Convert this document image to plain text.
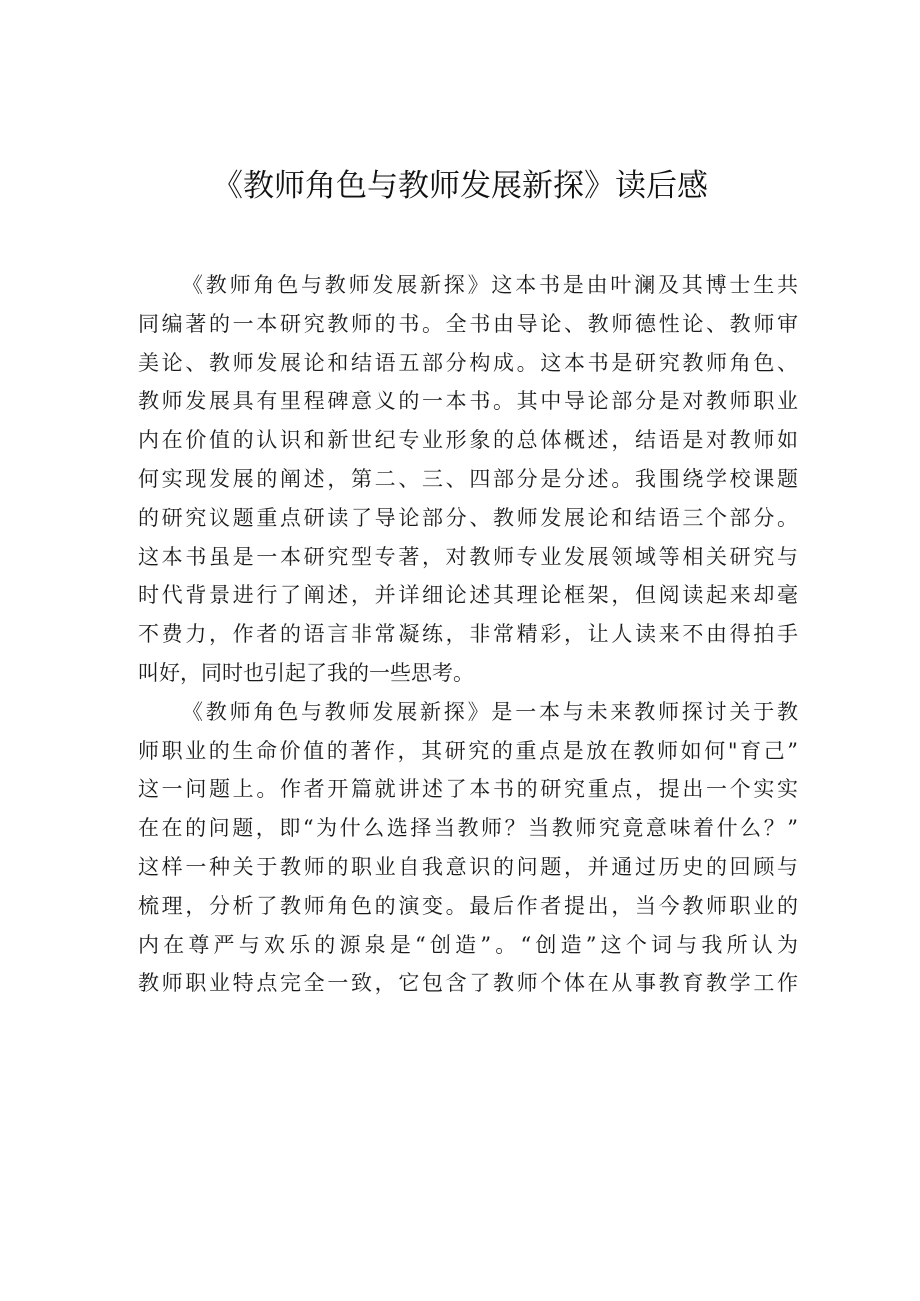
《教师角色与教师发展新探》读后感
《教师角色与教师发展新探》这本书是由叶澜及其博士生共
同编著的一本研究教师的书。全书由导论、教师德性论、教师审
美论、教师发展论和结语五部分构成。这本书是研究教师角色、
教师发展具有里程碑意义的一本书。其中导论部分是对教师职业
内在价值的认识和新世纪专业形象的总体概述，结语是对教师如
何实现发展的阐述，第二、三、四部分是分述。我围绕学校课题
的研究议题重点研读了导论部分、教师发展论和结语三个部分。
这本书虽是一本研究型专著，对教师专业发展领域等相关研究与
时代背景进行了阐述，并详细论述其理论框架，但阅读起来却毫
不费力，作者的语言非常凝练，非常精彩，让人读来不由得拍手
叫好，同时也引起了我的一些思考。
《教师角色与教师发展新探》是一本与未来教师探讨关于教
师职业的生命价值的著作，其研究的重点是放在教师如何"育己”
这一问题上。作者开篇就讲述了本书的研究重点，提出一个实实
在在的问题，即“为什么选择当教师？当教师究竟意味着什么？”
这样一种关于教师的职业自我意识的问题，并通过历史的回顾与
梳理，分析了教师角色的演变。最后作者提出，当今教师职业的
内在尊严与欢乐的源泉是“创造”。“创造”这个词与我所认为
教师职业特点完全一致，它包含了教师个体在从事教育教学工作
